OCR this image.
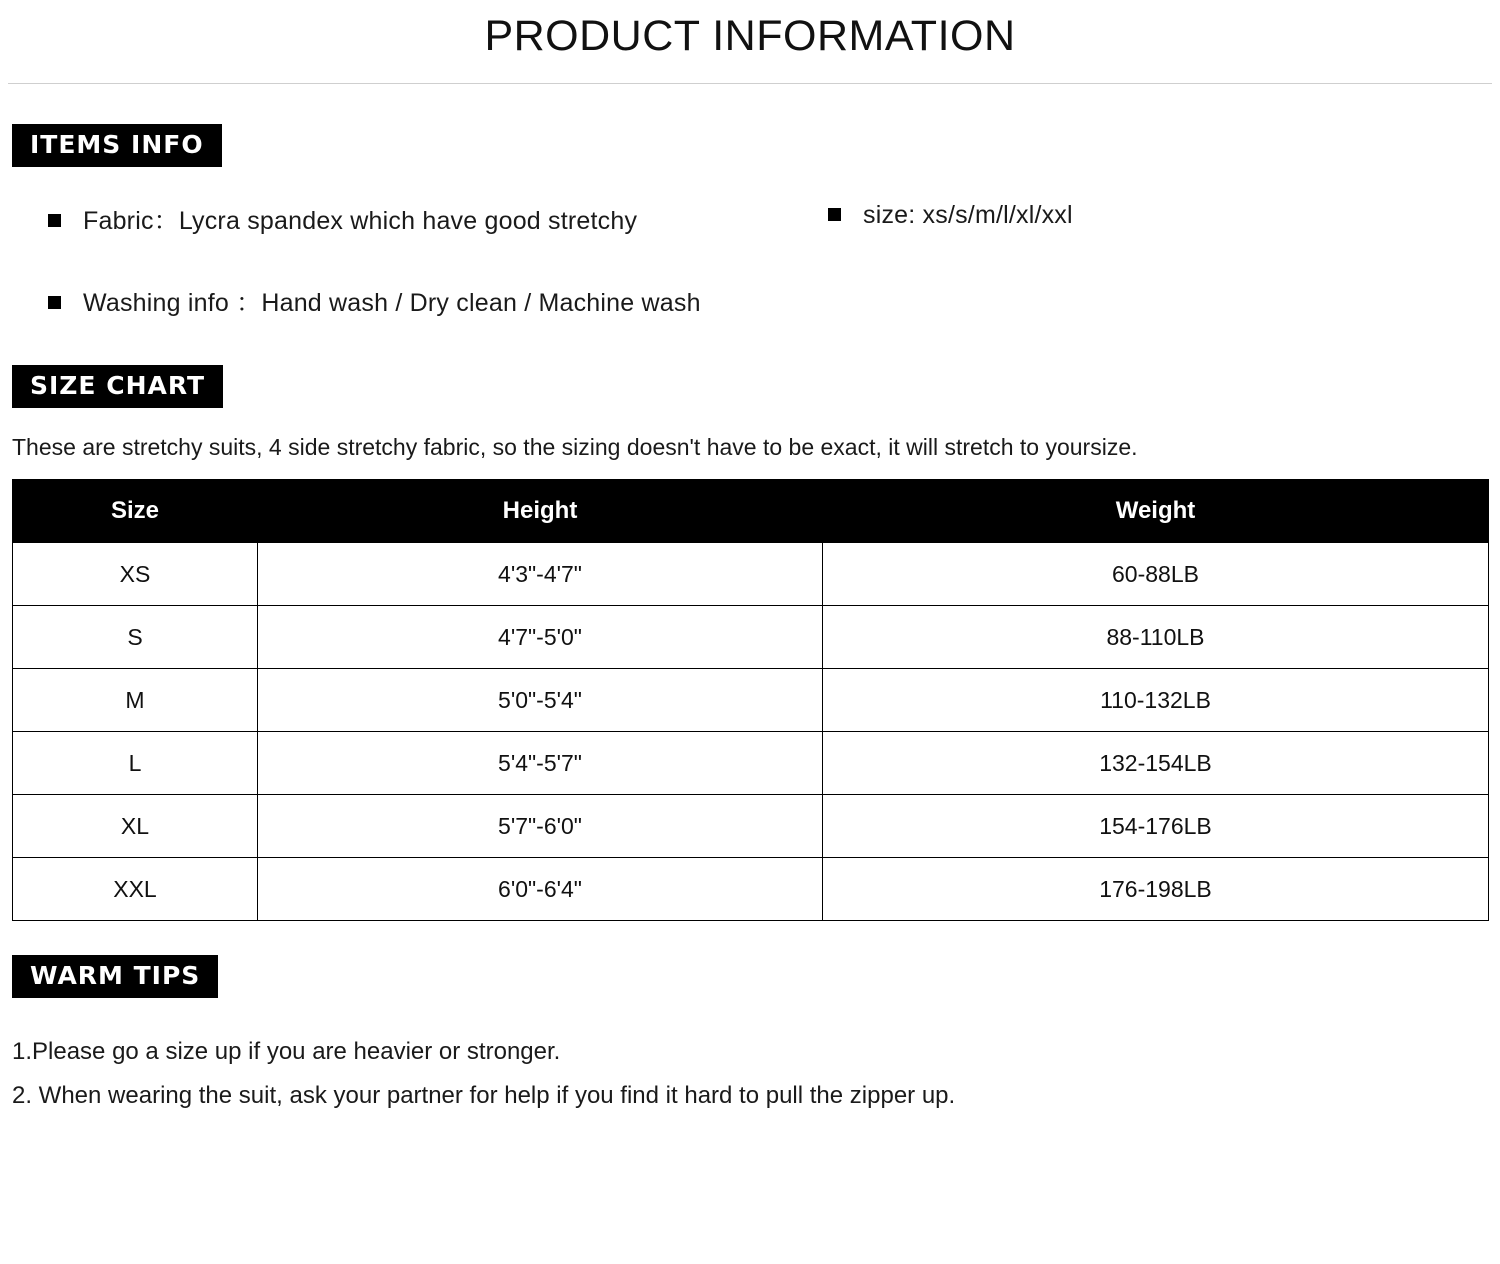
PRODUCT INFORMATION
ITEMS INFO
Fabric：Lycra spandex which have good stretchy
Washing info ： Hand wash / Dry clean / Machine wash
size: xs/s/m/l/xl/xxl
SIZE CHART
These are stretchy suits, 4 side stretchy fabric, so the sizing doesn't have to be exact, it will stretch to yoursize.
Size	Height	Weight
XS	4'3"-4'7"	60-88LB
S	4'7"-5'0"	88-110LB
M	5'0"-5'4"	110-132LB
L	5'4"-5'7"	132-154LB
XL	5'7"-6'0"	154-176LB
XXL	6'0"-6'4"	176-198LB
WARM TIPS
1.Please go a size up if you are heavier or stronger.
2. When wearing the suit, ask your partner for help if you find it hard to pull the zipper up.
